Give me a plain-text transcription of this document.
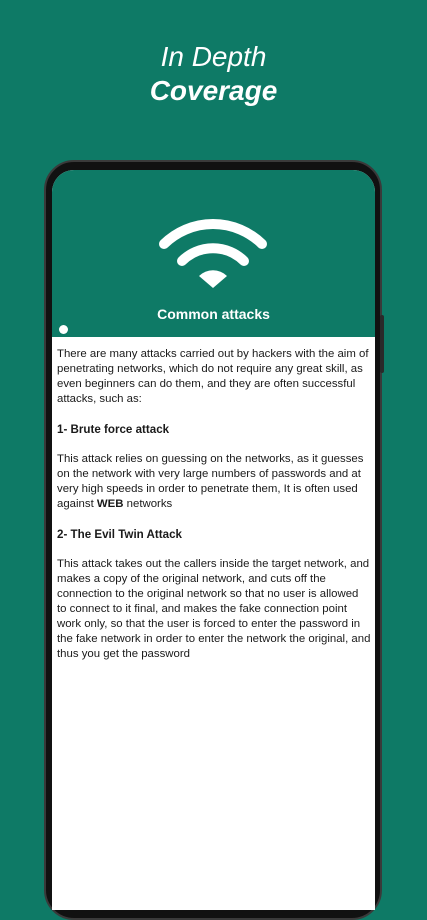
In Depth
Coverage
Common attacks

There are many attacks carried out by hackers with the aim of penetrating networks, which do not require any great skill, as even beginners can do them, and they are often successful attacks, such as:

1- Brute force attack

This attack relies on guessing on the networks, as it guesses on the network with very large numbers of passwords and at very high speeds in order to penetrate them, It is often used against WEB networks

2- The Evil Twin Attack

This attack takes out the callers inside the target network, and makes a copy of the original network, and cuts off the connection to the original network so that no user is allowed to connect to it final, and makes the fake connection point work only, so that the user is forced to enter the password in the fake network in order to enter the network the original, and thus you get the password
